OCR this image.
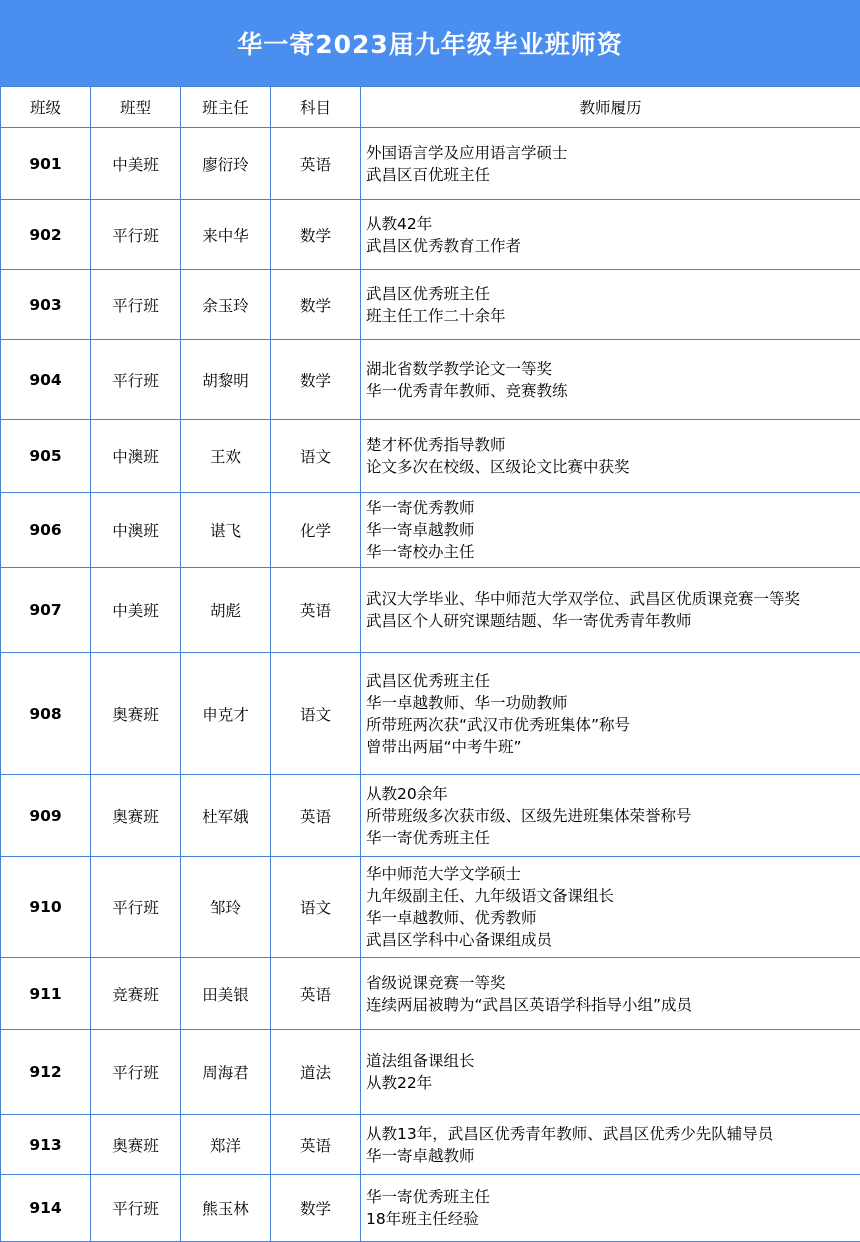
华一寄2023届九年级毕业班师资
班级	班型	班主任	科目	教师履历
901	中美班	廖衍玲	英语	外国语言学及应用语言学硕士
武昌区百优班主任

902	平行班	来中华	数学	从教42年
武昌区优秀教育工作者

903	平行班	余玉玲	数学	武昌区优秀班主任
班主任工作二十余年

904	平行班	胡黎明	数学	湖北省数学教学论文一等奖
华一优秀青年教师、竞赛教练

905	中澳班	王欢	语文	楚才杯优秀指导教师
论文多次在校级、区级论文比赛中获奖

906	中澳班	谌飞	化学	华一寄优秀教师
华一寄卓越教师
华一寄校办主任

907	中美班	胡彪	英语	武汉大学毕业、华中师范大学双学位、武昌区优质课竞赛一等奖
武昌区个人研究课题结题、华一寄优秀青年教师

908	奥赛班	申克才	语文	武昌区优秀班主任
华一卓越教师、华一功勋教师
所带班两次获“武汉市优秀班集体”称号
曾带出两届“中考牛班”

909	奥赛班	杜军娥	英语	从教20余年
所带班级多次获市级、区级先进班集体荣誉称号
华一寄优秀班主任

910	平行班	邹玲	语文	华中师范大学文学硕士
九年级副主任、九年级语文备课组长
华一卓越教师、优秀教师
武昌区学科中心备课组成员

911	竞赛班	田美银	英语	省级说课竞赛一等奖
连续两届被聘为“武昌区英语学科指导小组”成员

912	平行班	周海君	道法	道法组备课组长
从教22年

913	奥赛班	郑洋	英语	从教13年，武昌区优秀青年教师、武昌区优秀少先队辅导员
华一寄卓越教师

914	平行班	熊玉林	数学	华一寄优秀班主任
18年班主任经验
